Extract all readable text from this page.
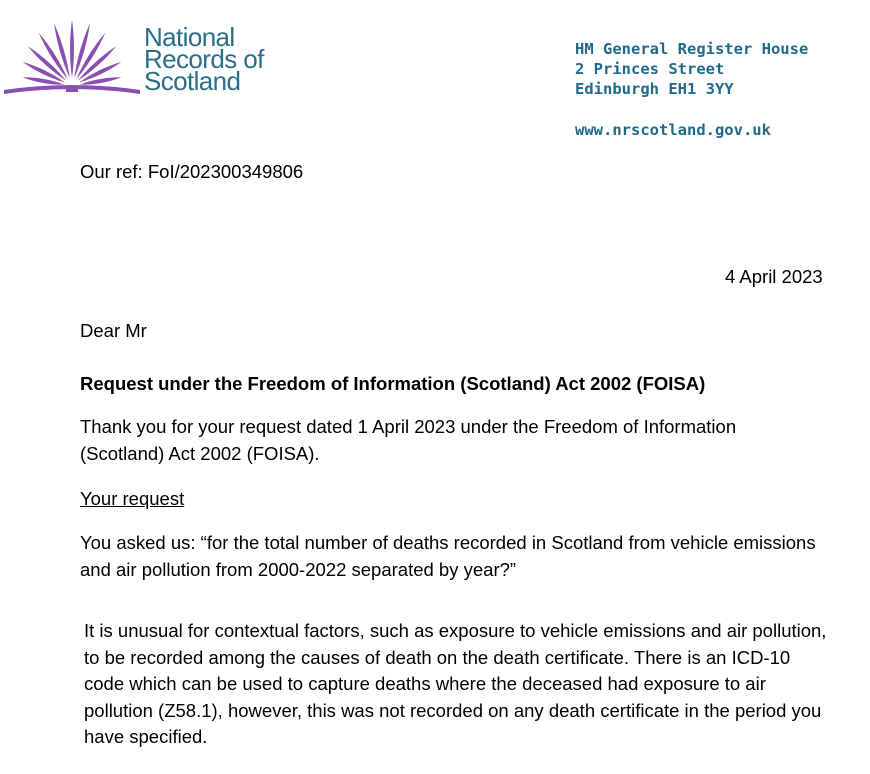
National
Records of
Scotland
HM General Register House
2 Princes Street
Edinburgh EH1 3YY
www.nrscotland.gov.uk
Our ref: FoI/202300349806
4 April 2023
Dear Mr
Request under the Freedom of Information (Scotland) Act 2002 (FOISA)
Thank you for your request dated 1 April 2023 under the Freedom of Information (Scotland) Act 2002 (FOISA).
Your request
You asked us: “for the total number of deaths recorded in Scotland from vehicle emissions and air pollution from 2000-2022 separated by year?”
It is unusual for contextual factors, such as exposure to vehicle emissions and air pollution, to be recorded among the causes of death on the death certificate. There is an ICD-10 code which can be used to capture deaths where the deceased had exposure to air pollution (Z58.1), however, this was not recorded on any death certificate in the period you have specified.
